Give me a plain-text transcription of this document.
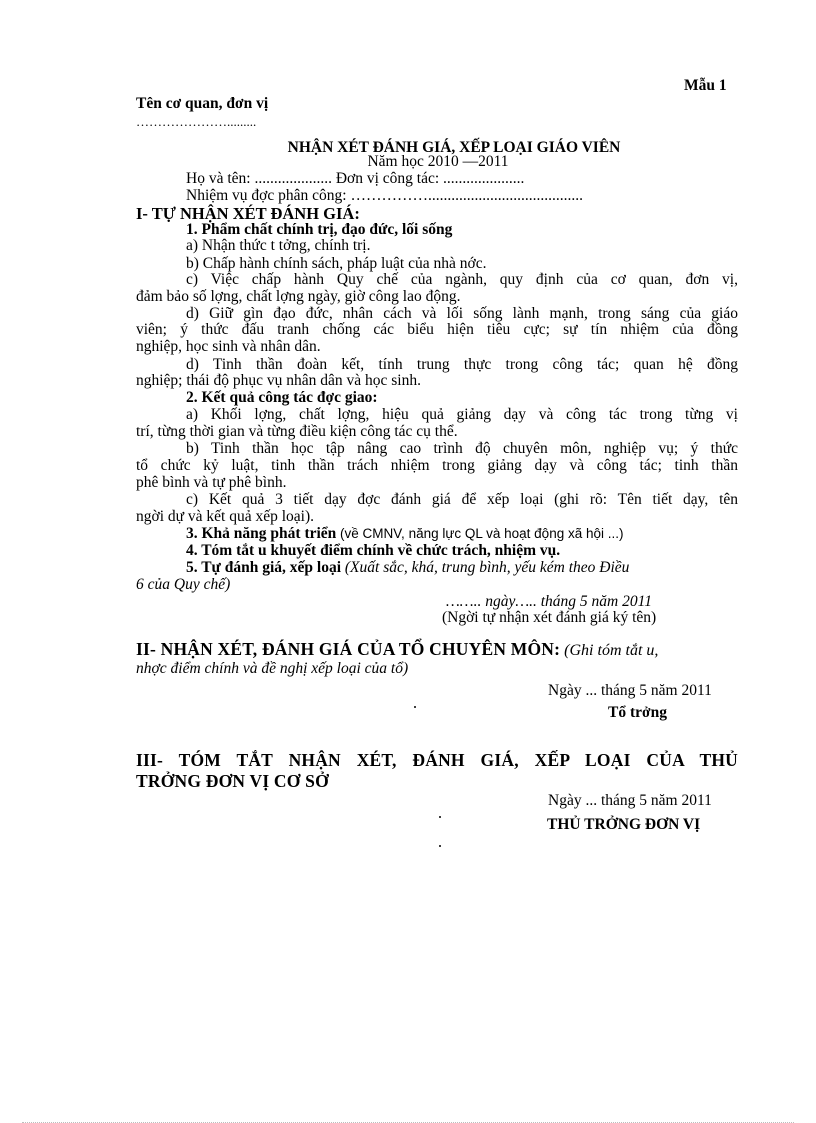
Mẫu 1
Tên cơ quan, đơn vị
………………….........
NHẬN XÉT ĐÁNH GIÁ, XẾP LOẠI GIÁO VIÊN
Năm học 2010 —2011
Họ và tên: .................... Đơn vị công tác: .....................
Nhiệm vụ đợc phân công: ……………........................................
I- TỰ NHẬN XÉT ĐÁNH GIÁ:
1. Phẩm chất chính trị, đạo đức, lối sống
a) Nhận thức t tởng, chính trị.
b) Chấp hành chính sách, pháp luật của nhà nớc.
c) Việc chấp hành Quy chế của ngành, quy định của cơ quan, đơn vị,
đảm bảo số lợng, chất lợng ngày, giờ công lao động.
d) Giữ gìn đạo đức, nhân cách và lối sống lành mạnh, trong sáng của giáo
viên; ý thức đấu tranh chống các biểu hiện tiêu cực; sự tín nhiệm của đồng
nghiệp, học sinh và nhân dân.
d) Tinh thần đoàn kết, tính trung thực trong công tác; quan hệ đồng
nghiệp; thái độ phục vụ nhân dân và học sinh.
2. Kết quả công tác đợc giao:
a) Khối lợng, chất lợng, hiệu quả giảng dạy và công tác trong từng vị
trí, từng thời gian và từng điều kiện công tác cụ thể.
b) Tinh thần học tập nâng cao trình độ chuyên môn, nghiệp vụ; ý thức
tổ chức kỷ luật, tinh thần trách nhiệm trong giảng dạy và công tác; tinh thần
phê bình và tự phê bình.
c) Kết quả 3 tiết dạy đợc đánh giá để xếp loại (ghi rõ: Tên tiết dạy, tên
ngời dự và kết quả xếp loại).
3. Khả năng phát triển (về CMNV, năng lực QL và hoạt động xã hội ...)
4. Tóm tắt u khuyết điểm chính về chức trách, nhiệm vụ.
5. Tự đánh giá, xếp loại (Xuất sắc, khá, trung bình, yếu kém theo Điều
6 của Quy chế)
…….. ngày….. tháng 5 năm 2011
(Ngời tự nhận xét đánh giá ký tên)
II- NHẬN XÉT, ĐÁNH GIÁ CỦA TỔ CHUYÊN MÔN: (Ghi tóm tắt u,
nhợc điểm chính và đề nghị xếp loại của tổ)
Ngày ... tháng 5 năm 2011
Tổ trởng
III- TÓM TẮT NHẬN XÉT, ĐÁNH GIÁ, XẾP LOẠI CỦA THỦ
TRỞNG ĐƠN VỊ CƠ SỞ
Ngày ... tháng 5 năm 2011
THỦ TRỞNG ĐƠN VỊ
